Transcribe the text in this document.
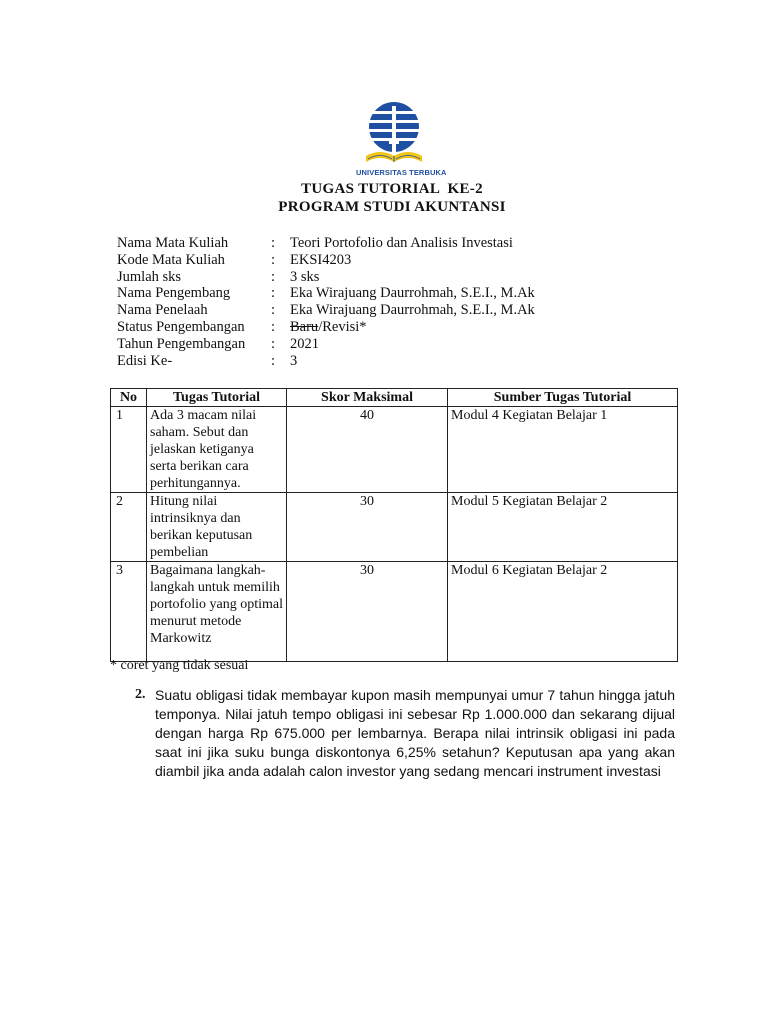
UNIVERSITAS TERBUKA
TUGAS TUTORIAL  KE-2
PROGRAM STUDI AKUNTANSI
Nama Mata Kuliah	: Teori Portofolio dan Analisis Investasi
Kode Mata Kuliah	: EKSI4203
Jumlah sks	: 3 sks
Nama Pengembang	: Eka Wirajuang Daurrohmah, S.E.I., M.Ak
Nama Penelaah	: Eka Wirajuang Daurrohmah, S.E.I., M.Ak
Status Pengembangan : Baru/Revisi*
Tahun Pengembangan : 2021
Edisi Ke-	: 3
No	Tugas Tutorial	Skor Maksimal	Sumber Tugas Tutorial
1	Ada 3 macam nilai saham. Sebut dan jelaskan ketiganya serta berikan cara perhitungannya.	40	Modul 4 Kegiatan Belajar 1
2	Hitung nilai intrinsiknya dan berikan keputusan pembelian	30	Modul 5 Kegiatan Belajar 2
3	Bagaimana langkah-langkah untuk memilih portofolio yang optimal menurut metode Markowitz	30	Modul 6 Kegiatan Belajar 2
* coret yang tidak sesuai
2. Suatu obligasi tidak membayar kupon masih mempunyai umur 7 tahun hingga jatuh temponya. Nilai jatuh tempo obligasi ini sebesar Rp 1.000.000 dan sekarang dijual dengan harga Rp 675.000 per lembarnya. Berapa nilai intrinsik obligasi ini pada saat ini jika suku bunga diskontonya 6,25% setahun? Keputusan apa yang akan diambil jika anda adalah calon investor yang sedang mencari instrument investasi
